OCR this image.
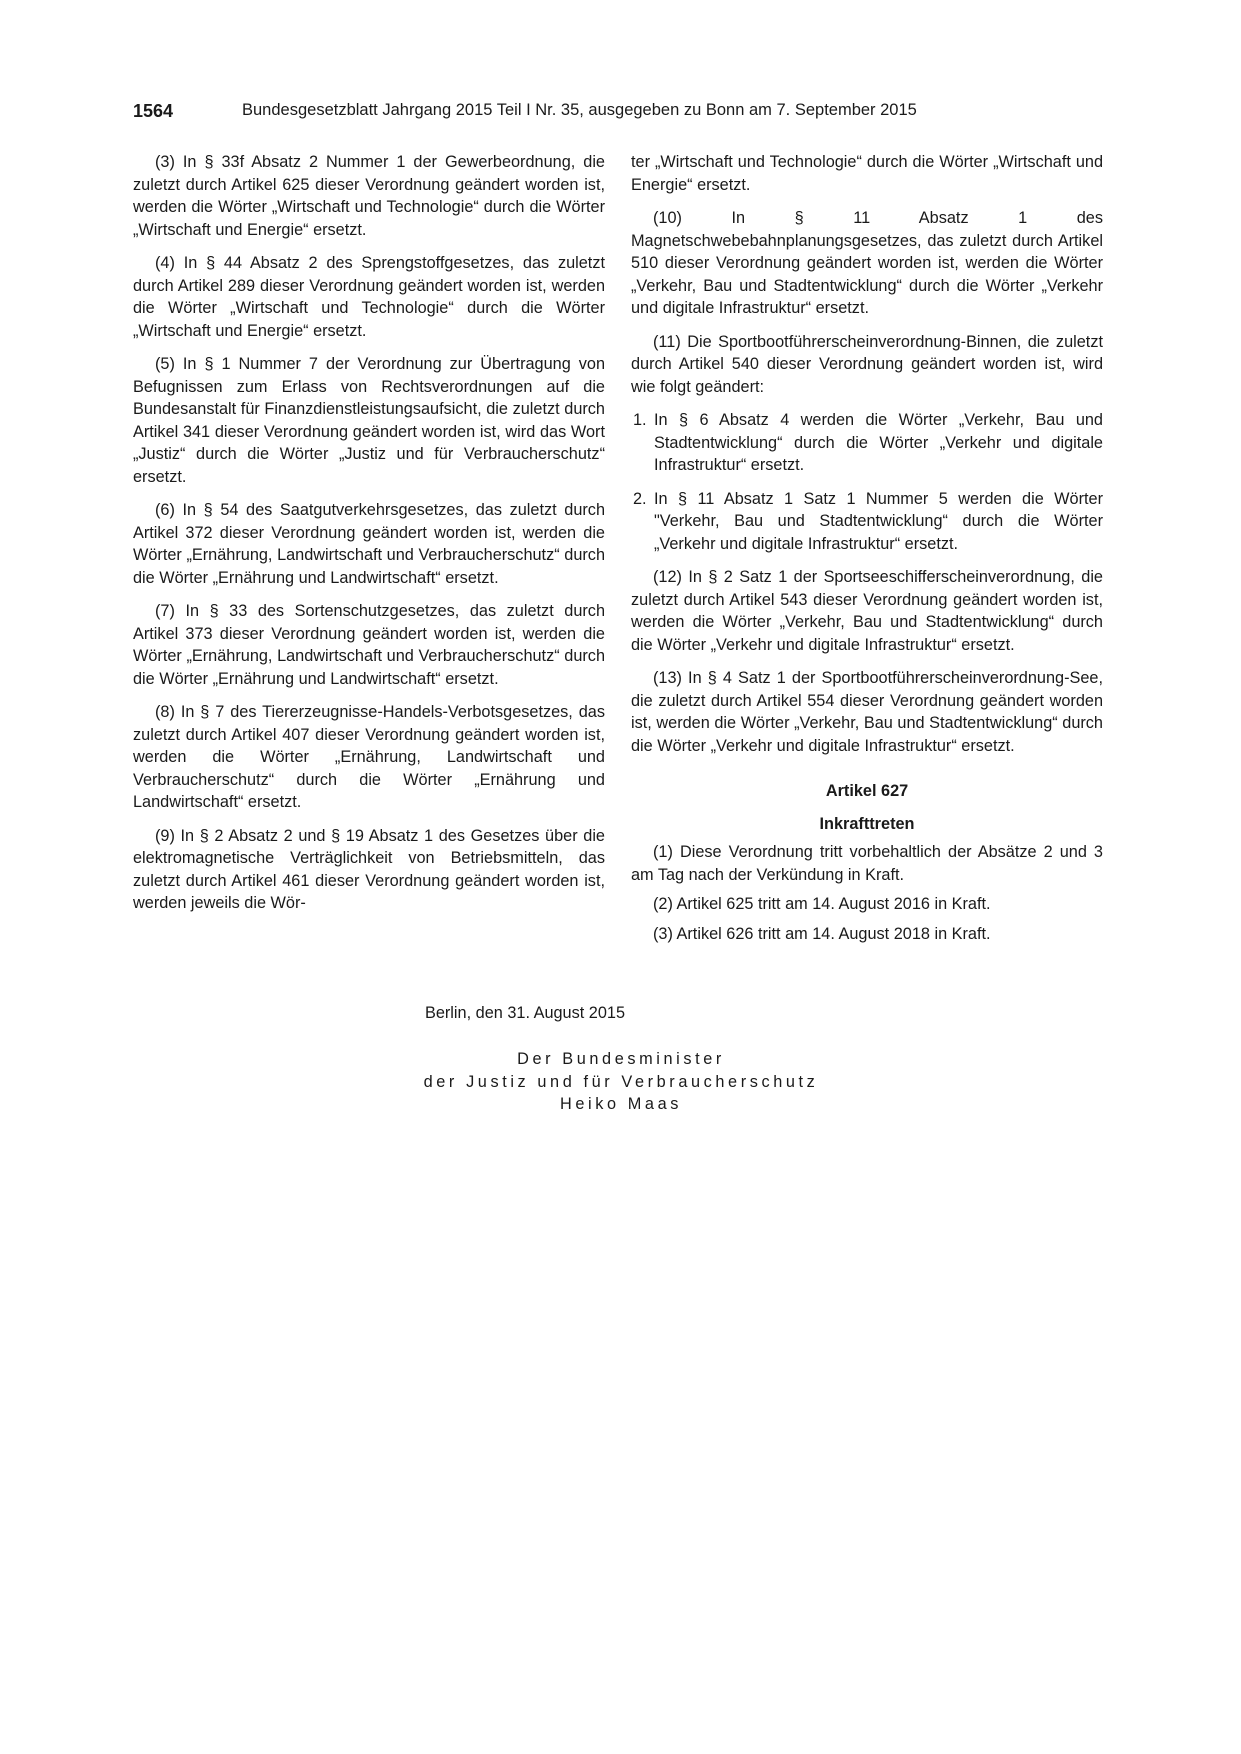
1564	Bundesgesetzblatt Jahrgang 2015 Teil I Nr. 35, ausgegeben zu Bonn am 7. September 2015

(3) In § 33f Absatz 2 Nummer 1 der Gewerbeordnung, die zuletzt durch Artikel 625 dieser Verordnung geändert worden ist, werden die Wörter „Wirtschaft und Technologie“ durch die Wörter „Wirtschaft und Energie“ ersetzt.

(4) In § 44 Absatz 2 des Sprengstoffgesetzes, das zuletzt durch Artikel 289 dieser Verordnung geändert worden ist, werden die Wörter „Wirtschaft und Technologie“ durch die Wörter „Wirtschaft und Energie“ ersetzt.

(5) In § 1 Nummer 7 der Verordnung zur Übertragung von Befugnissen zum Erlass von Rechtsverordnungen auf die Bundesanstalt für Finanzdienstleistungsaufsicht, die zuletzt durch Artikel 341 dieser Verordnung geändert worden ist, wird das Wort „Justiz“ durch die Wörter „Justiz und für Verbraucherschutz“ ersetzt.

(6) In § 54 des Saatgutverkehrsgesetzes, das zuletzt durch Artikel 372 dieser Verordnung geändert worden ist, werden die Wörter „Ernährung, Landwirtschaft und Verbraucherschutz“ durch die Wörter „Ernährung und Landwirtschaft“ ersetzt.

(7) In § 33 des Sortenschutzgesetzes, das zuletzt durch Artikel 373 dieser Verordnung geändert worden ist, werden die Wörter „Ernährung, Landwirtschaft und Verbraucherschutz“ durch die Wörter „Ernährung und Landwirtschaft“ ersetzt.

(8) In § 7 des Tiererzeugnisse-Handels-Verbotsgesetzes, das zuletzt durch Artikel 407 dieser Verordnung geändert worden ist, werden die Wörter „Ernährung, Landwirtschaft und Verbraucherschutz“ durch die Wörter „Ernährung und Landwirtschaft“ ersetzt.

(9) In § 2 Absatz 2 und § 19 Absatz 1 des Gesetzes über die elektromagnetische Verträglichkeit von Betriebsmitteln, das zuletzt durch Artikel 461 dieser Verordnung geändert worden ist, werden jeweils die Wör-

ter „Wirtschaft und Technologie“ durch die Wörter „Wirtschaft und Energie“ ersetzt.

(10) In § 11 Absatz 1 des Magnetschwebebahnplanungsgesetzes, das zuletzt durch Artikel 510 dieser Verordnung geändert worden ist, werden die Wörter „Verkehr, Bau und Stadtentwicklung“ durch die Wörter „Verkehr und digitale Infrastruktur“ ersetzt.

(11) Die Sportbootführerscheinverordnung-Binnen, die zuletzt durch Artikel 540 dieser Verordnung geändert worden ist, wird wie folgt geändert:

1. In § 6 Absatz 4 werden die Wörter „Verkehr, Bau und Stadtentwicklung“ durch die Wörter „Verkehr und digitale Infrastruktur“ ersetzt.
2. In § 11 Absatz 1 Satz 1 Nummer 5 werden die Wörter "Verkehr, Bau und Stadtentwicklung“ durch die Wörter „Verkehr und digitale Infrastruktur“ ersetzt.

(12) In § 2 Satz 1 der Sportseeschifferscheinverordnung, die zuletzt durch Artikel 543 dieser Verordnung geändert worden ist, werden die Wörter „Verkehr, Bau und Stadtentwicklung“ durch die Wörter „Verkehr und digitale Infrastruktur“ ersetzt.

(13) In § 4 Satz 1 der Sportbootführerscheinverordnung-See, die zuletzt durch Artikel 554 dieser Verordnung geändert worden ist, werden die Wörter „Verkehr, Bau und Stadtentwicklung“ durch die Wörter „Verkehr und digitale Infrastruktur“ ersetzt.

Artikel 627
Inkrafttreten

(1) Diese Verordnung tritt vorbehaltlich der Absätze 2 und 3 am Tag nach der Verkündung in Kraft.

(2) Artikel 625 tritt am 14. August 2016 in Kraft.

(3) Artikel 626 tritt am 14. August 2018 in Kraft.

Berlin, den 31. August 2015
Der Bundesminister
der Justiz und für Verbraucherschutz
Heiko Maas
